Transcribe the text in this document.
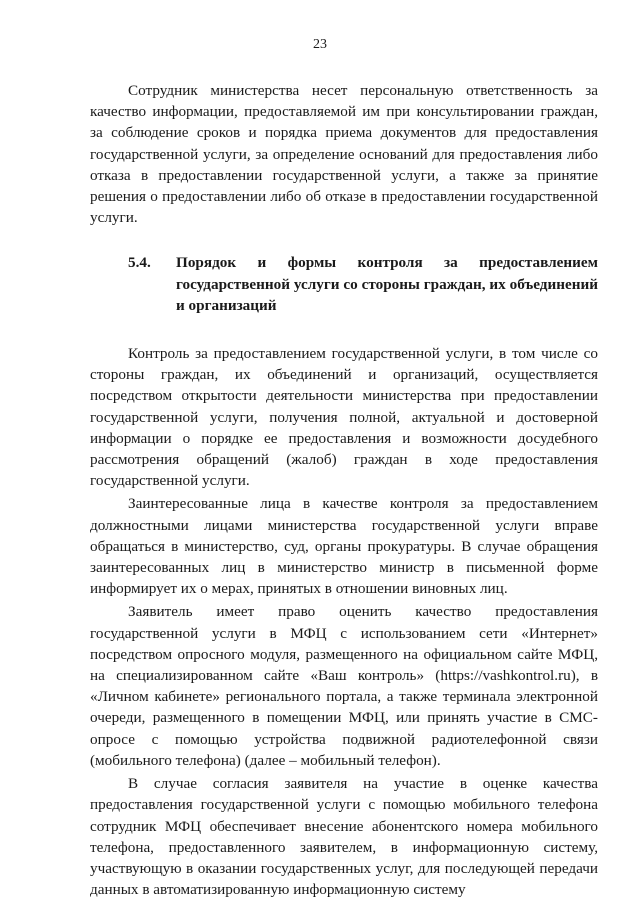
23

Сотрудник министерства несет персональную ответственность за качество информации, предоставляемой им при консультировании граждан, за соблюдение сроков и порядка приема документов для предоставления государственной услуги, за определение оснований для предоставления либо отказа в предоставлении государственной услуги, а также за принятие решения о предоставлении либо об отказе в предоставлении государственной услуги.

5.4.	Порядок и формы контроля за предоставлением государственной услуги со стороны граждан, их объединений и организаций

Контроль за предоставлением государственной услуги, в том числе со стороны граждан, их объединений и организаций, осуществляется посредством открытости деятельности министерства при предоставлении государственной услуги, получения полной, актуальной и достоверной информации о порядке ее предоставления и возможности досудебного рассмотрения обращений (жалоб) граждан в ходе предоставления государственной услуги.

Заинтересованные лица в качестве контроля за предоставлением должностными лицами министерства государственной услуги вправе обращаться в министерство, суд, органы прокуратуры. В случае обращения заинтересованных лиц в министерство министр в письменной форме информирует их о мерах, принятых в отношении виновных лиц.

Заявитель имеет право оценить качество предоставления государственной услуги в МФЦ с использованием сети «Интернет» посредством опросного модуля, размещенного на официальном сайте МФЦ, на специализированном сайте «Ваш контроль» (https://vashkontrol.ru), в «Личном кабинете» регионального портала, а также терминала электронной очереди, размещенного в помещении МФЦ, или принять участие в СМС-опросе с помощью устройства подвижной радиотелефонной связи (мобильного телефона) (далее – мобильный телефон).

В случае согласия заявителя на участие в оценке качества предоставления государственной услуги с помощью мобильного телефона сотрудник МФЦ обеспечивает внесение абонентского номера мобильного телефона, предоставленного заявителем, в информационную систему, участвующую в оказании государственных услуг, для последующей передачи данных в автоматизированную информационную систему
